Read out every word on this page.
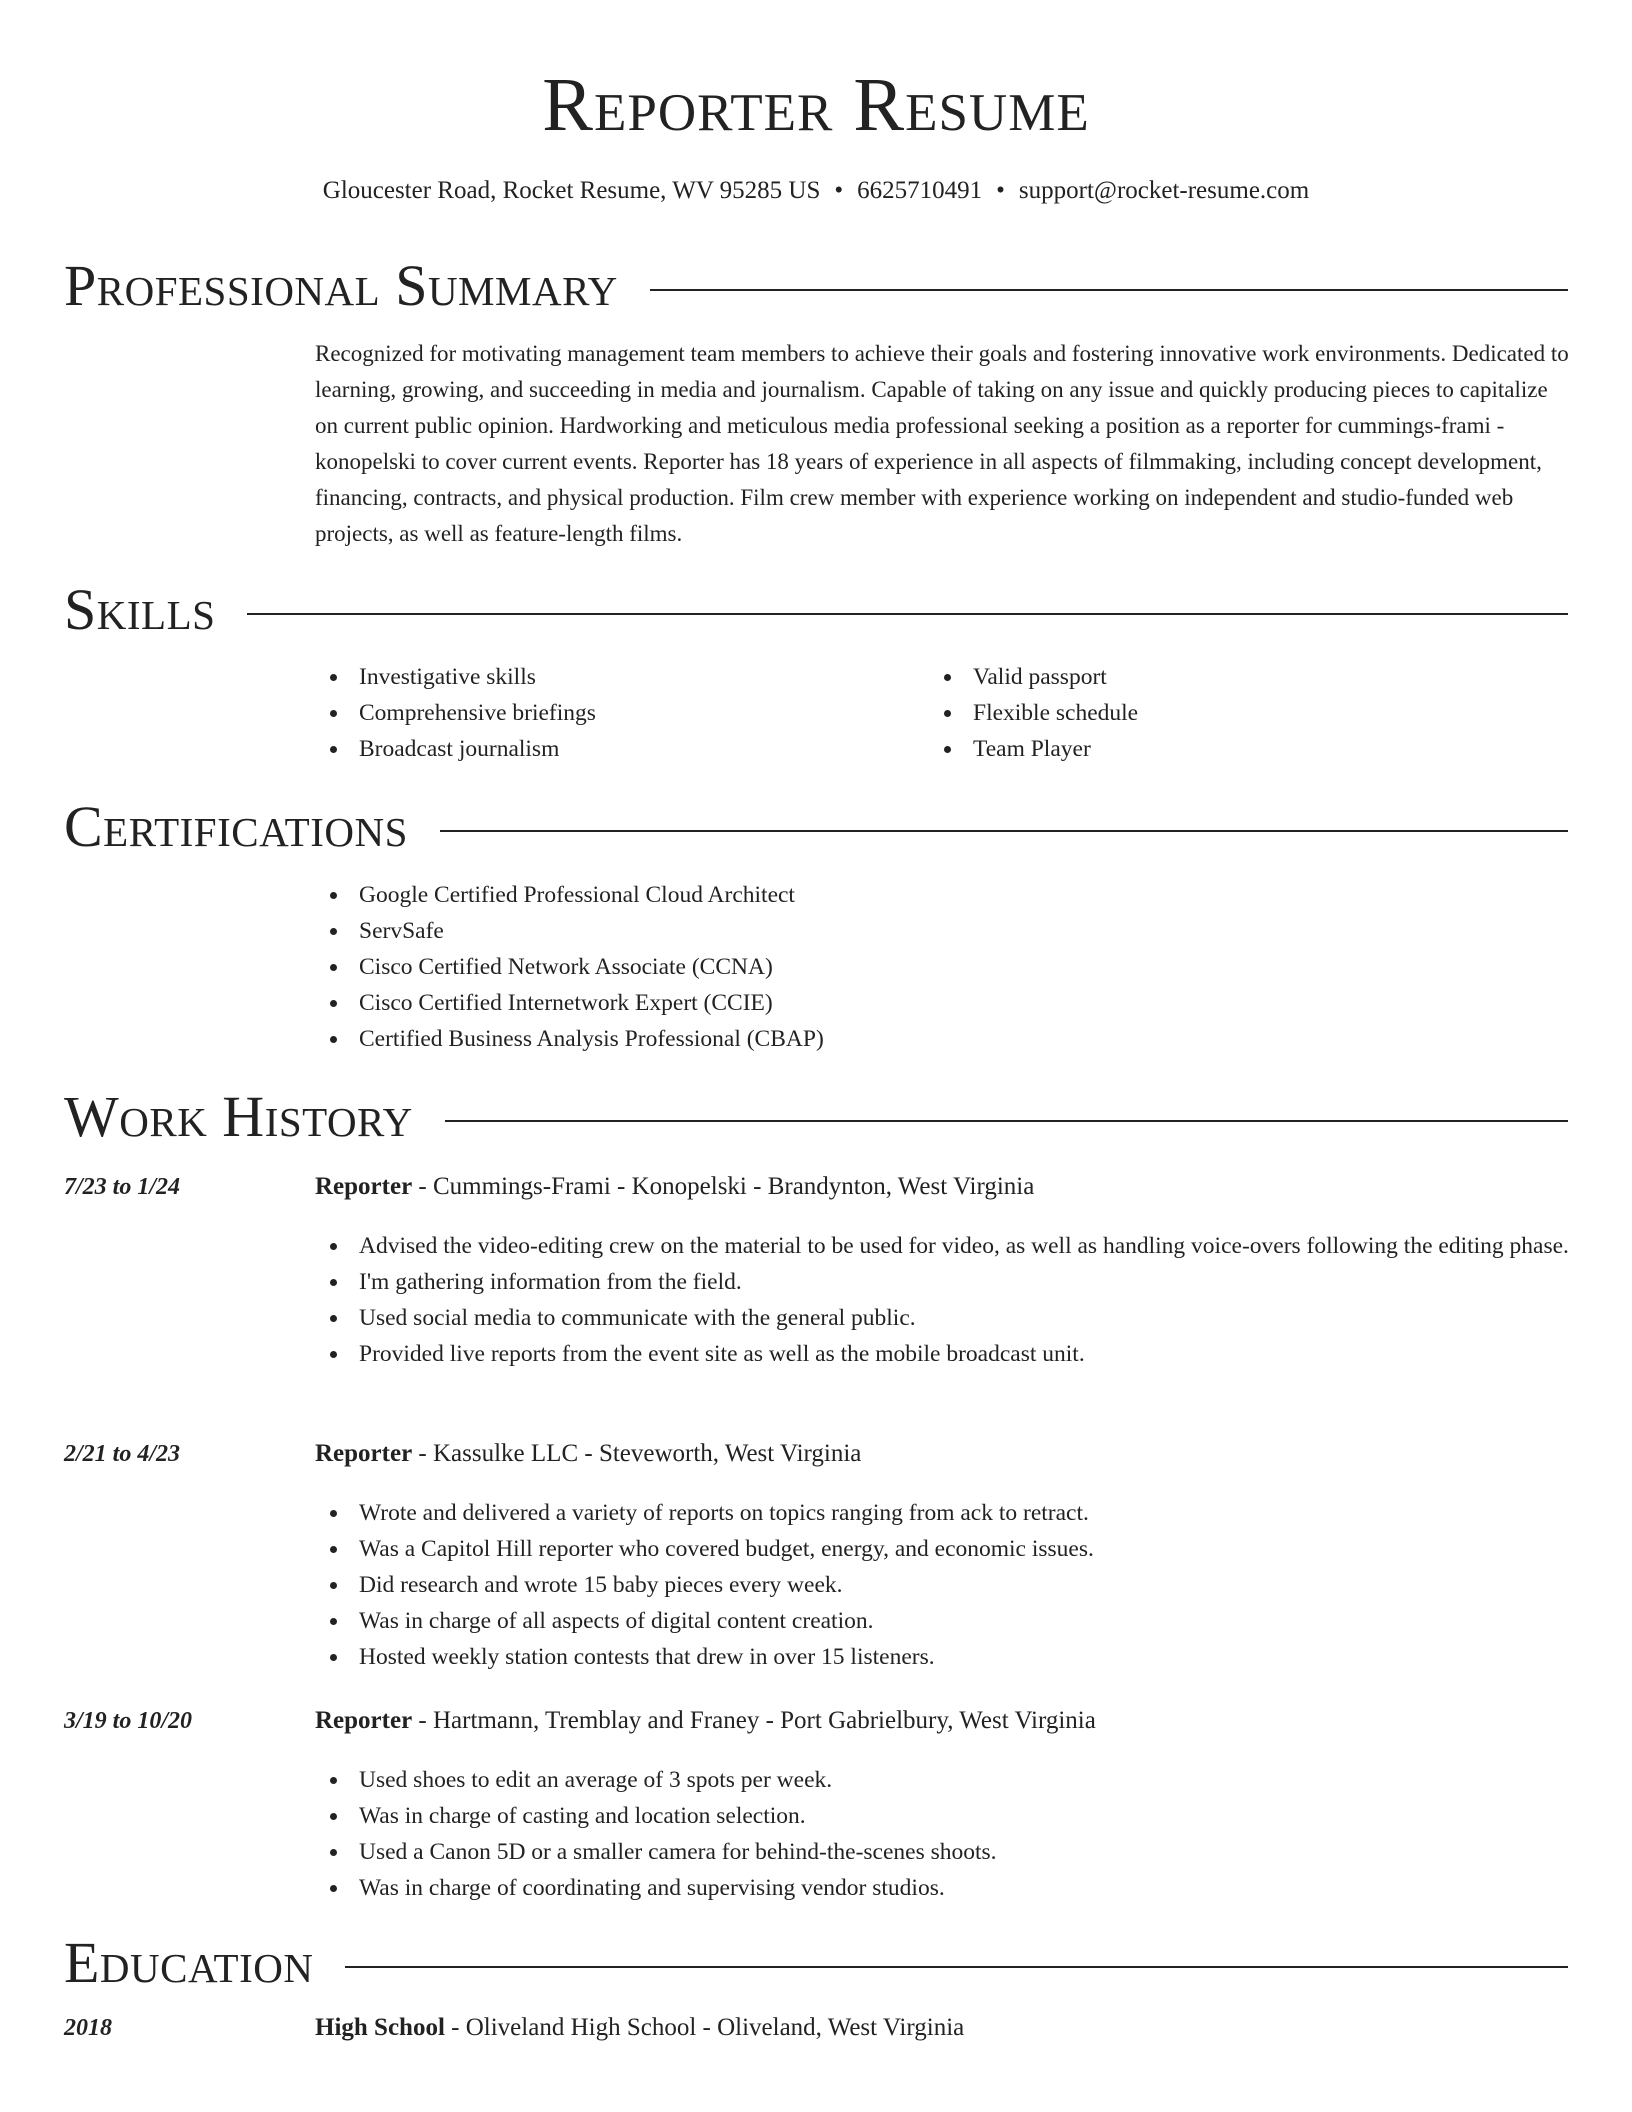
Reporter Resume
Gloucester Road, Rocket Resume, WV 95285 US • 6625710491 • support@rocket-resume.com
Professional Summary
Recognized for motivating management team members to achieve their goals and fostering innovative work environments. Dedicated to learning, growing, and succeeding in media and journalism. Capable of taking on any issue and quickly producing pieces to capitalize on current public opinion. Hardworking and meticulous media professional seeking a position as a reporter for cummings-frami - konopelski to cover current events. Reporter has 18 years of experience in all aspects of filmmaking, including concept development, financing, contracts, and physical production. Film crew member with experience working on independent and studio-funded web projects, as well as feature-length films.
Skills
Investigative skills
Comprehensive briefings
Broadcast journalism
Valid passport
Flexible schedule
Team Player
Certifications
Google Certified Professional Cloud Architect
ServSafe
Cisco Certified Network Associate (CCNA)
Cisco Certified Internetwork Expert (CCIE)
Certified Business Analysis Professional (CBAP)
Work History
7/23 to 1/24	Reporter - Cummings-Frami - Konopelski - Brandynton, West Virginia
Advised the video-editing crew on the material to be used for video, as well as handling voice-overs following the editing phase.
I'm gathering information from the field.
Used social media to communicate with the general public.
Provided live reports from the event site as well as the mobile broadcast unit.
2/21 to 4/23	Reporter - Kassulke LLC - Steveworth, West Virginia
Wrote and delivered a variety of reports on topics ranging from ack to retract.
Was a Capitol Hill reporter who covered budget, energy, and economic issues.
Did research and wrote 15 baby pieces every week.
Was in charge of all aspects of digital content creation.
Hosted weekly station contests that drew in over 15 listeners.
3/19 to 10/20	Reporter - Hartmann, Tremblay and Franey - Port Gabrielbury, West Virginia
Used shoes to edit an average of 3 spots per week.
Was in charge of casting and location selection.
Used a Canon 5D or a smaller camera for behind-the-scenes shoots.
Was in charge of coordinating and supervising vendor studios.
Education
2018	High School - Oliveland High School - Oliveland, West Virginia
